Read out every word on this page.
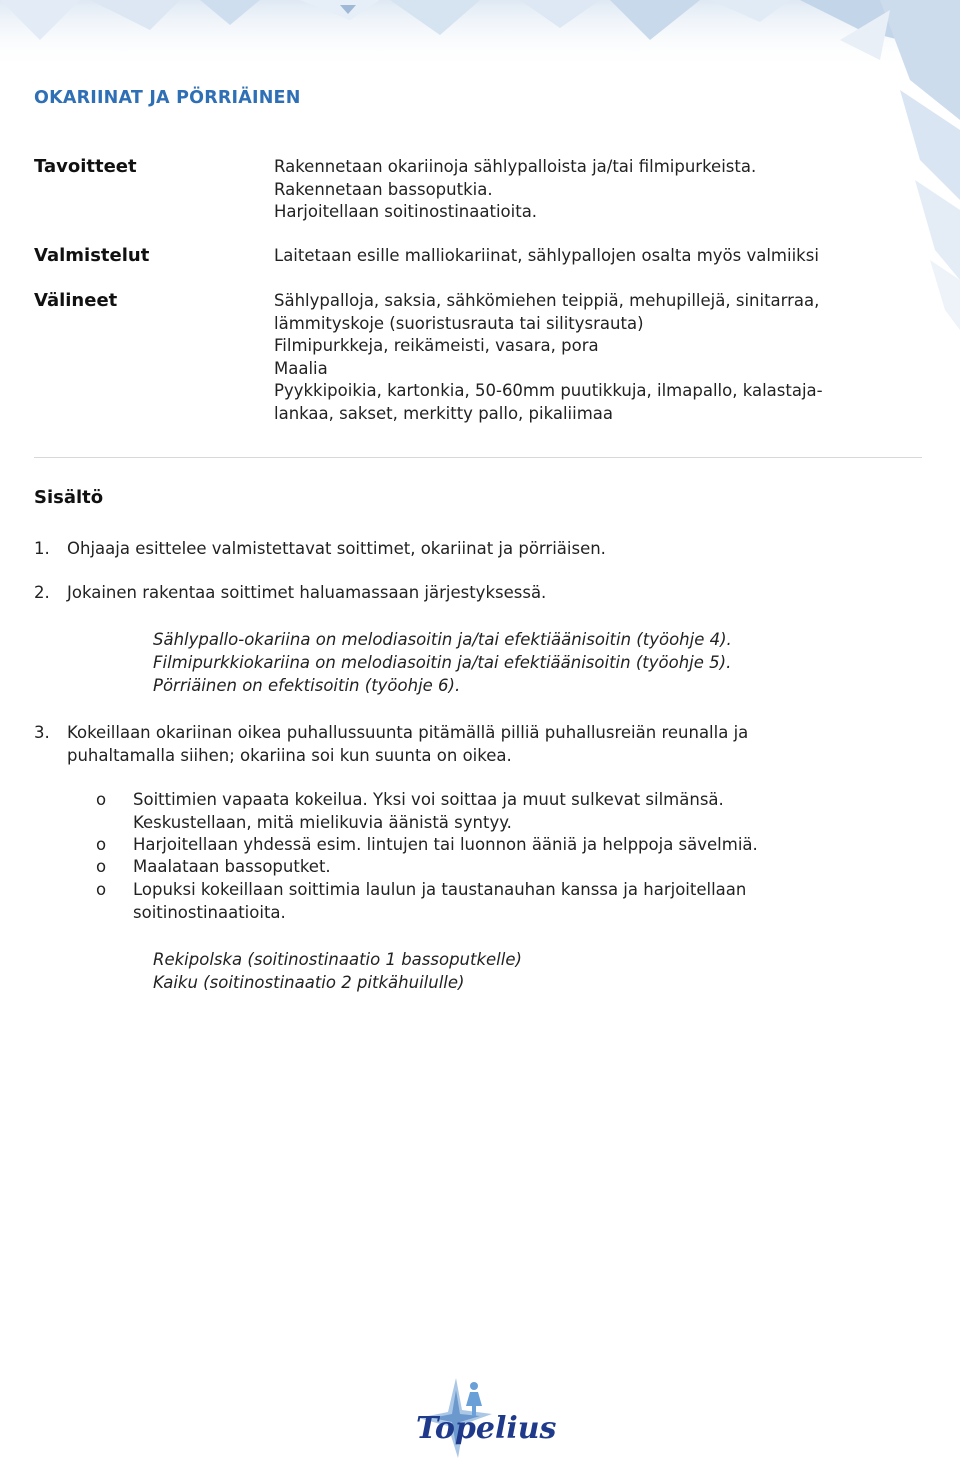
OKARIINAT JA PÖRRIÄINEN
Tavoitteet	Rakennetaan okariinoja sählypalloista ja/tai filmipurkeista.
Rakennetaan bassoputkia.
Harjoitellaan soitinostinaatioita.
Valmistelut	Laitetaan esille malliokariinat, sählypallojen osalta myös valmiiksi
Välineet	Sählypalloja, saksia, sähkömiehen teippiä, mehupillejä, sinitarraa,
lämmityskoje (suoristusrauta tai silitysrauta)
Filmipurkkeja, reikämeisti, vasara, pora
Maalia
Pyykkipoikia, kartonkia, 50-60mm puutikkuja, ilmapallo, kalastaja-
lankaa, sakset, merkitty pallo, pikaliimaa
Sisältö
1. Ohjaaja esittelee valmistettavat soittimet, okariinat ja pörriäisen.
2. Jokainen rakentaa soittimet haluamassaan järjestyksessä.
Sählypallo-okariina on melodiasoitin ja/tai efektiäänisoitin (työohje 4).
Filmipurkkiokariina on melodiasoitin ja/tai efektiäänisoitin (työohje 5).
Pörriäinen on efektisoitin (työohje 6).
3. Kokeillaan okariinan oikea puhallussuunta pitämällä pilliä puhallusreiän reunalla ja
puhaltamalla siihen; okariina soi kun suunta on oikea.
o Soittimien vapaata kokeilua. Yksi voi soittaa ja muut sulkevat silmänsä.
Keskustellaan, mitä mielikuvia äänistä syntyy.
o Harjoitellaan yhdessä esim. lintujen tai luonnon ääniä ja helppoja sävelmiä.
o Maalataan bassoputket.
o Lopuksi kokeillaan soittimia laulun ja taustanauhan kanssa ja harjoitellaan
soitinostinaatioita.
Rekipolska (soitinostinaatio 1 bassoputkelle)
Kaiku (soitinostinaatio 2 pitkähuilulle)
Topelius
